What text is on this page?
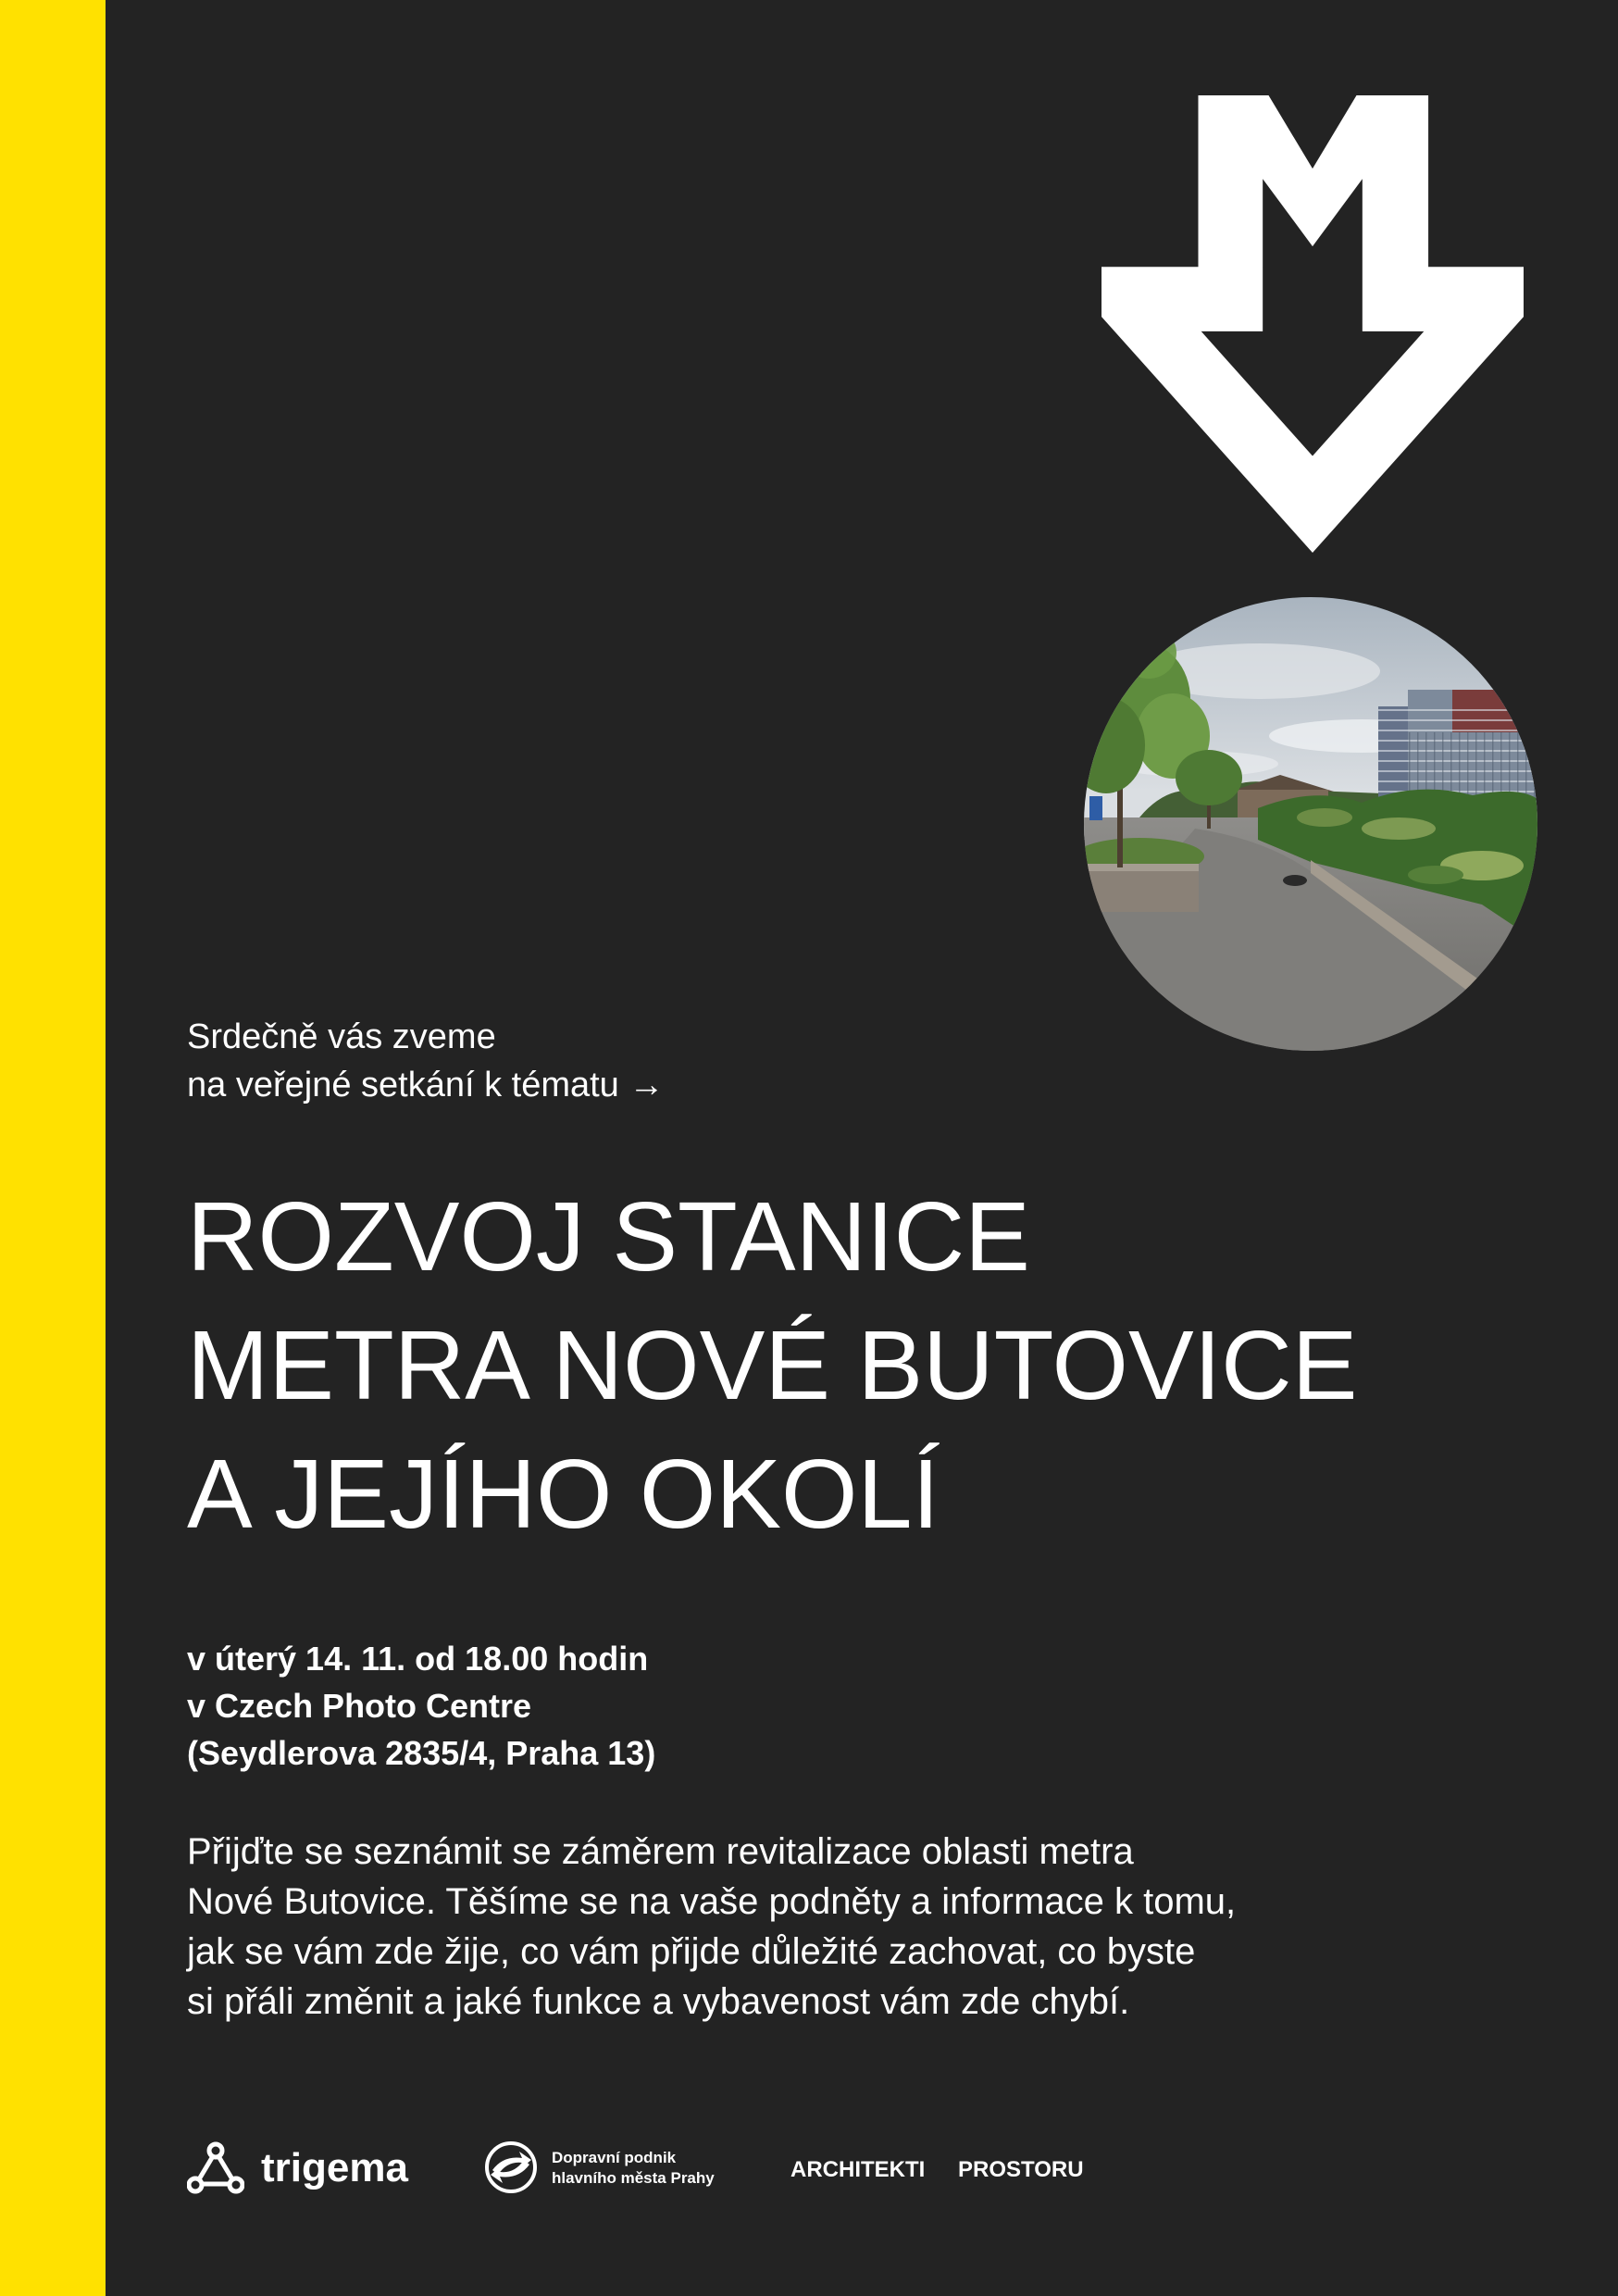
Srdečně vás zveme
na veřejné setkání k tématu →
ROZVOJ STANICE
METRA NOVÉ BUTOVICE
A JEJÍHO OKOLÍ
v úterý 14. 11. od 18.00 hodin
v Czech Photo Centre
(Seydlerova 2835/4, Praha 13)
Přijďte se seznámit se záměrem revitalizace oblasti metra
Nové Butovice. Těšíme se na vaše podněty a informace k tomu,
jak se vám zde žije, co vám přijde důležité zachovat, co byste
si přáli změnit a jaké funkce a vybavenost vám zde chybí.
trigema	Dopravní podnik
hlavního města Prahy	ARCHITEKTI PROSTORU
